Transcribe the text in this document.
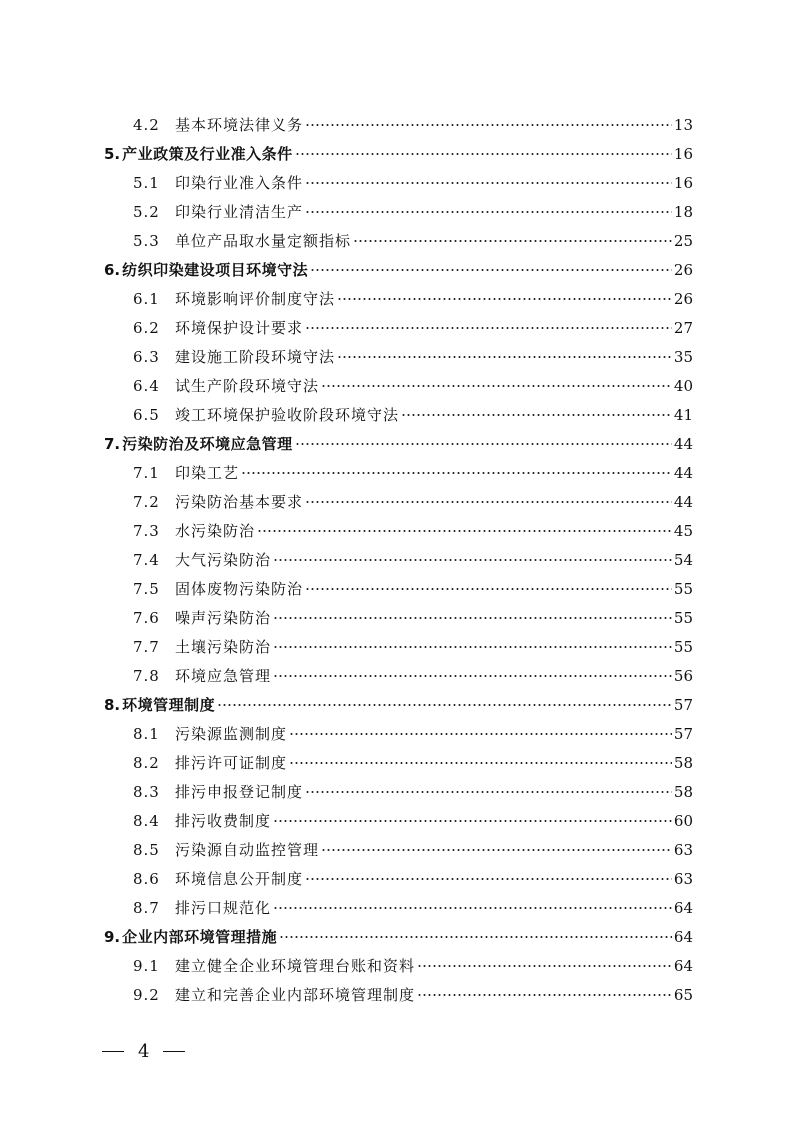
4.2	基本环境法律义务	13
5. 产业政策及行业准入条件	16
5.1	印染行业准入条件	16
5.2	印染行业清洁生产	18
5.3	单位产品取水量定额指标	25
6. 纺织印染建设项目环境守法	26
6.1	环境影响评价制度守法	26
6.2	环境保护设计要求	27
6.3	建设施工阶段环境守法	35
6.4	试生产阶段环境守法	40
6.5	竣工环境保护验收阶段环境守法	41
7. 污染防治及环境应急管理	44
7.1	印染工艺	44
7.2	污染防治基本要求	44
7.3	水污染防治	45
7.4	大气污染防治	54
7.5	固体废物污染防治	55
7.6	噪声污染防治	55
7.7	土壤污染防治	55
7.8	环境应急管理	56
8. 环境管理制度	57
8.1	污染源监测制度	57
8.2	排污许可证制度	58
8.3	排污申报登记制度	58
8.4	排污收费制度	60
8.5	污染源自动监控管理	63
8.6	环境信息公开制度	63
8.7	排污口规范化	64
9. 企业内部环境管理措施	64
9.1	建立健全企业环境管理台账和资料	64
9.2	建立和完善企业内部环境管理制度	65
4
